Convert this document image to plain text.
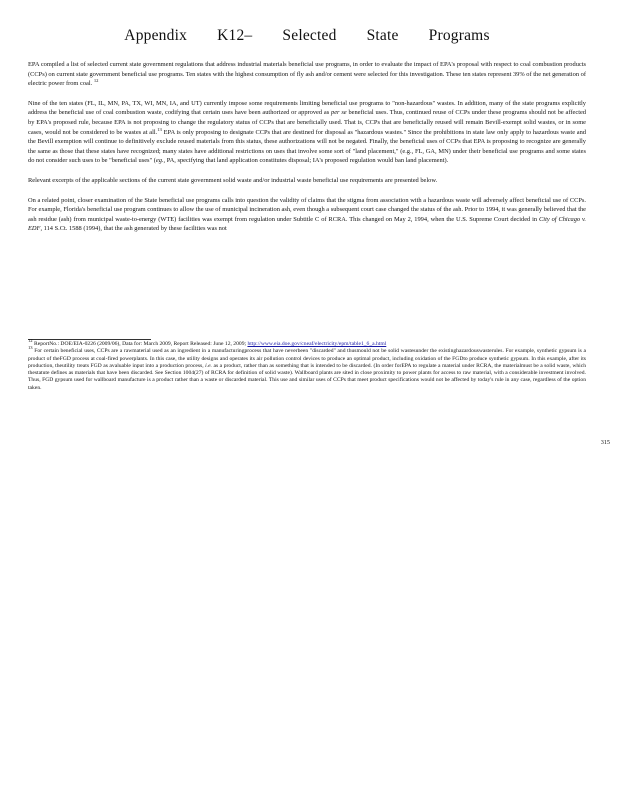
Appendix K12– Selected State Programs

EPA compiled a list of selected current state government regulations that address industrial materials beneficial use programs, in order to evaluate the impact of EPA's proposal with respect to coal combustion products (CCPs) on current state government beneficial use programs. Ten states with the highest consumption of fly ash and/or cement were selected for this investigation. These ten states represent 39% of the net generation of electric power from coal. $^{12}$

Nine of the ten states (FL, IL, MN, PA, TX, WI, MN, IA, and UT) currently impose some requirements limiting beneficial use programs to "non-hazardous" wastes. In addition, many of the state programs explicitly address the beneficial use of coal combustion waste, codifying that certain uses have been authorized or approved as per se beneficial uses. Thus, continued reuse of CCPs under these programs should not be affected by EPA's proposed rule, because EPA is not proposing to change the regulatory status of CCPs that are beneficially used. That is, CCPs that are beneficially reused will remain Bevill-exempt solid wastes, or in some cases, would not be considered to be wastes at all.$^{13}$ EPA is only proposing to designate CCPs that are destined for disposal as "hazardous wastes." Since the prohibitions in state law only apply to hazardous waste and the Bevill exemption will continue to definitively exclude reused materials from this status, these authorizations will not be negated. Finally, the beneficial uses of CCPs that EPA is proposing to recognize are generally the same as those that these states have recognized; many states have additional restrictions on uses that involve some sort of "land placement," (e.g., FL, GA, MN) under their beneficial use programs and some states do not consider such uses to be "beneficial uses" (eg., PA, specifying that land application constitutes disposal; IA's proposed regulation would ban land placement).

Relevant excerpts of the applicable sections of the current state government solid waste and/or industrial waste beneficial use requirements are presented below.

On a related point, closer examination of the State beneficial use programs calls into question the validity of claims that the stigma from association with a hazardous waste will adversely affect beneficial use of CCPs. For example, Florida's beneficial use program continues to allow the use of municipal incineration ash, even though a subsequent court case changed the status of the ash. Prior to 1994, it was generally believed that the ash residue (ash) from municipal waste-to-energy (WTE) facilities was exempt from regulation under Subtitle C of RCRA. This changed on May 2, 1994, when the U.S. Supreme Court decided in City of Chicago v. EDF, 114 S.Ct. 1588 (1994), that the ash generated by these facilities was not

$^{12}$ ReportNo.: DOE/EIA-0226 (2009/06), Data for: March 2009, Report Released: June 12, 2009; http://www.eia.doe.gov/cneaf/electricity/epm/table1_6_a.html

$^{13}$ For certain beneficial uses, CCPs are a rawmaterial used as an ingredient in a manufacturingprocess that have neverbeen "discarded" and thusmould not be solid wastesunder the existinghazardouswasterules. For example, synthetic gypsum is a product of theFGD process at coal-fired powerplants. In this case, the utility designs and operates its air pollution control devices to produce an optimal product, including oxidation of the FGDto produce synthetic gypsum. In this example, after its production, theutility treats FGD as avaluable input into a production process, i.e. as a product, rather than as something that is intended to be discarded. (In order forEPA to regulate a material under RCRA, the materialmust be a solid waste, which thestatute defines as materials that have been discarded. See Section 1004(27) of RCRA for definition of solid waste). Wallboard plants are sited in close proximity to power plants for access to raw material, with a considerable investment involved. Thus, FGD gypsum used for wallboard manufacture is a product rather than a waste or discarded material. This use and similar uses of CCPs that meet product specifications would not be affected by today's rule in any case, regardless of the option taken.

315
